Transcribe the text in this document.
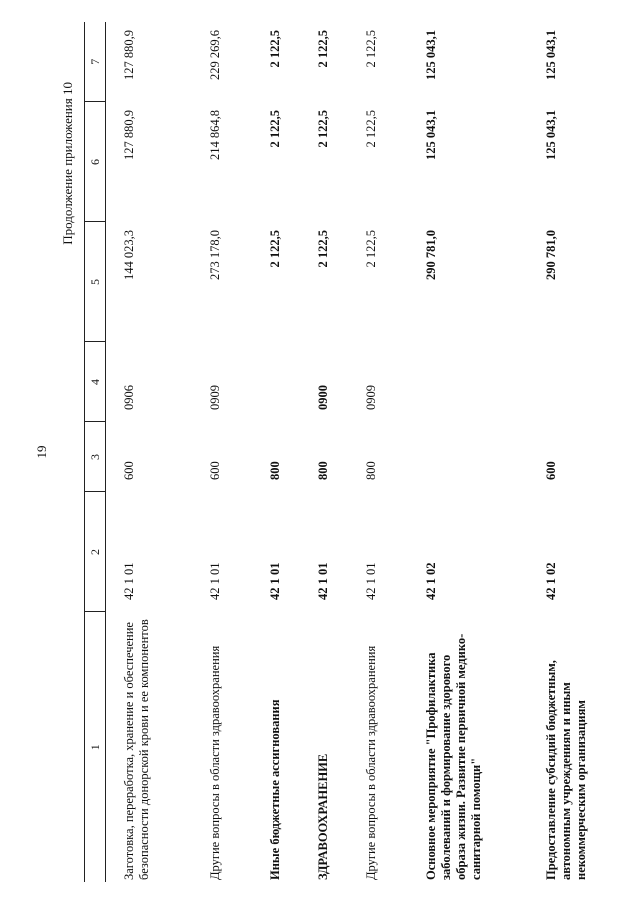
19
Продолжение приложения 10
1	2	3	4	5	6	7
Заготовка, переработка, хранение и обеспечение безопасности донорской крови и ее компонентов	42 1 01	600	0906	144 023,3	127 880,9	127 880,9
Другие вопросы в области здравоохранения	42 1 01	600	0909	273 178,0	214 864,8	229 269,6
Иные бюджетные ассигнования	42 1 01	800		2 122,5	2 122,5	2 122,5
ЗДРАВООХРАНЕНИЕ	42 1 01	800	0900	2 122,5	2 122,5	2 122,5
Другие вопросы в области здравоохранения	42 1 01	800	0909	2 122,5	2 122,5	2 122,5
Основное мероприятие "Профилактика заболеваний и формирование здорового образа жизни. Развитие первичной медико-санитарной помощи"	42 1 02			290 781,0	125 043,1	125 043,1
Предоставление субсидий бюджетным, автономным учреждениям и иным некоммерческим организациям	42 1 02	600		290 781,0	125 043,1	125 043,1
